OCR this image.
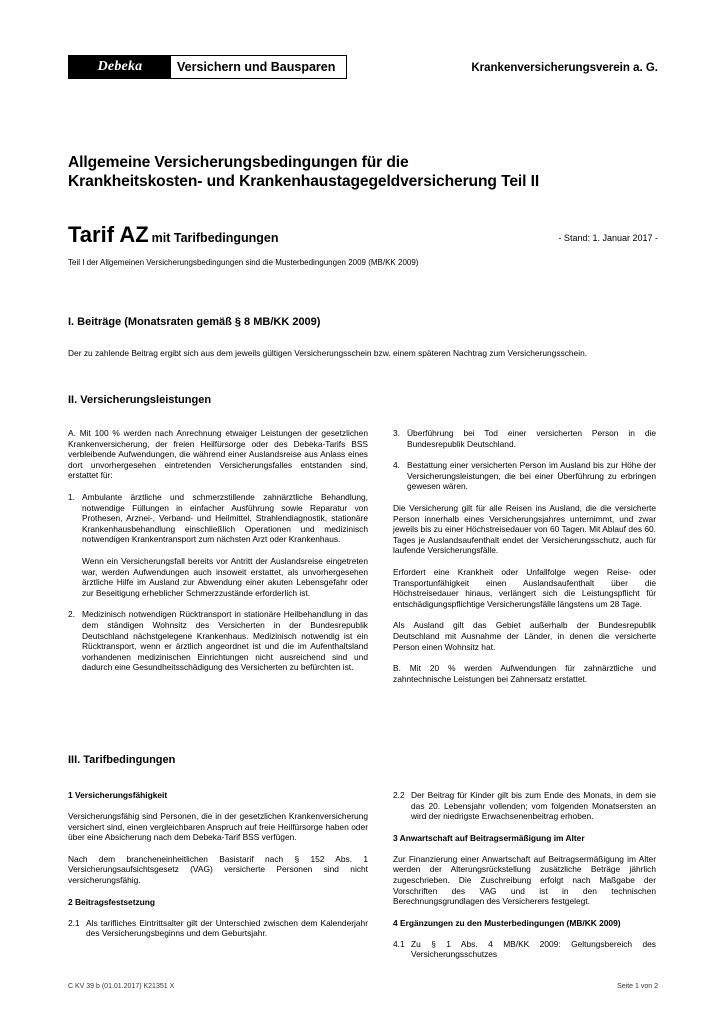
Debeka	Versichern und Bausparen	Krankenversicherungsverein a. G.
Allgemeine Versicherungsbedingungen für die
Krankheitskosten- und Krankenhaustagegeldversicherung Teil II
Tarif AZ mit Tarifbedingungen	- Stand: 1. Januar 2017 -
Teil I der Allgemeinen Versicherungsbedingungen sind die Musterbedingungen 2009 (MB/KK 2009)
I. Beiträge (Monatsraten gemäß § 8 MB/KK 2009)
Der zu zahlende Beitrag ergibt sich aus dem jeweils gültigen Versicherungsschein bzw. einem späteren Nachtrag zum Versicherungsschein.
II. Versicherungsleistungen
A. Mit 100 % werden nach Anrechnung etwaiger Leistungen der gesetzlichen Krankenversicherung, der freien Heilfürsorge oder des Debeka-Tarifs BSS verbleibende Aufwendungen, die während einer Auslandsreise aus Anlass eines dort unvorhergesehen eintretenden Versicherungsfalles entstanden sind, erstattet für:
1. Ambulante ärztliche und schmerzstillende zahnärztliche Behandlung, notwendige Füllungen in einfacher Ausführung sowie Reparatur von Prothesen, Arznei-, Verband- und Heilmittel, Strahlendiagnostik, stationäre Krankenhausbehandlung einschließlich Operationen und medizinisch notwendigen Krankentransport zum nächsten Arzt oder Krankenhaus.
Wenn ein Versicherungsfall bereits vor Antritt der Auslandsreise eingetreten war, werden Aufwendungen auch insoweit erstattet, als unvorhergesehen ärztliche Hilfe im Ausland zur Abwendung einer akuten Lebensgefahr oder zur Beseitigung erheblicher Schmerzzustände erforderlich ist.
2. Medizinisch notwendigen Rücktransport in stationäre Heilbehandlung in das dem ständigen Wohnsitz des Versicherten in der Bundesrepublik Deutschland nächstgelegene Krankenhaus. Medizinisch notwendig ist ein Rücktransport, wenn er ärztlich angeordnet ist und die im Aufenthaltsland vorhandenen medizinischen Einrichtungen nicht ausreichend sind und dadurch eine Gesundheitsschädigung des Versicherten zu befürchten ist.
3. Überführung bei Tod einer versicherten Person in die Bundesrepublik Deutschland.
4. Bestattung einer versicherten Person im Ausland bis zur Höhe der Versicherungsleistungen, die bei einer Überführung zu erbringen gewesen wären.
Die Versicherung gilt für alle Reisen ins Ausland, die die versicherte Person innerhalb eines Versicherungsjahres unternimmt, und zwar jeweils bis zu einer Höchstreisedauer von 60 Tagen. Mit Ablauf des 60. Tages je Auslandsaufenthalt endet der Versicherungsschutz, auch für laufende Versicherungsfälle.
Erfordert eine Krankheit oder Unfallfolge wegen Reise- oder Transportunfähigkeit einen Auslandsaufenthalt über die Höchstreisedauer hinaus, verlängert sich die Leistungspflicht für entschädigungspflichtige Versicherungsfälle längstens um 28 Tage.
Als Ausland gilt das Gebiet außerhalb der Bundesrepublik Deutschland mit Ausnahme der Länder, in denen die versicherte Person einen Wohnsitz hat.
B. Mit 20 % werden Aufwendungen für zahnärztliche und zahntechnische Leistungen bei Zahnersatz erstattet.
III. Tarifbedingungen
1 Versicherungsfähigkeit
Versicherungsfähig sind Personen, die in der gesetzlichen Krankenversicherung versichert sind, einen vergleichbaren Anspruch auf freie Heilfürsorge haben oder über eine Absicherung nach dem Debeka-Tarif BSS verfügen.
Nach dem brancheneinheitlichen Basistarif nach § 152 Abs. 1 Versicherungsaufsichtsgesetz (VAG) versicherte Personen sind nicht versicherungsfähig.
2 Beitragsfestsetzung
2.1 Als tarifliches Eintrittsalter gilt der Unterschied zwischen dem Kalenderjahr des Versicherungsbeginns und dem Geburtsjahr.
2.2 Der Beitrag für Kinder gilt bis zum Ende des Monats, in dem sie das 20. Lebensjahr vollenden; vom folgenden Monatsersten an wird der niedrigste Erwachsenenbeitrag erhoben.
3 Anwartschaft auf Beitragsermäßigung im Alter
Zur Finanzierung einer Anwartschaft auf Beitragsermäßigung im Alter werden der Alterungsrückstellung zusätzliche Beträge jährlich zugeschrieben. Die Zuschreibung erfolgt nach Maßgabe der Vorschriften des VAG und ist in den technischen Berechnungsgrundlagen des Versicherers festgelegt.
4 Ergänzungen zu den Musterbedingungen (MB/KK 2009)
4.1 Zu § 1 Abs. 4 MB/KK 2009: Geltungsbereich des Versicherungsschutzes
C KV 39 b (01.01.2017) K21351 X	Seite 1 von 2
